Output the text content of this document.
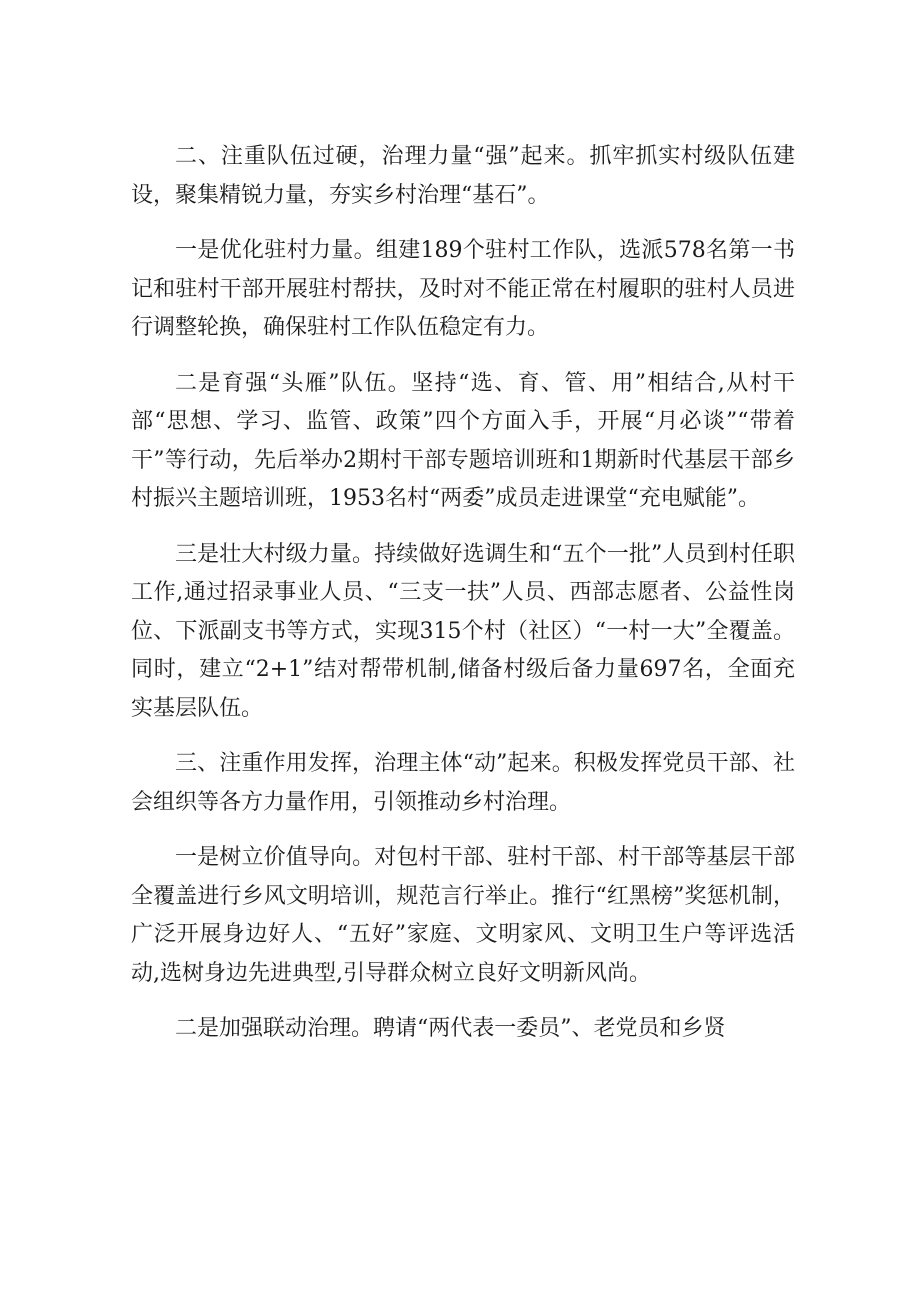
二、注重队伍过硬，治理力量“强”起来。抓牢抓实村级队伍建设，聚集精锐力量，夯实乡村治理“基石”。

一是优化驻村力量。组建189个驻村工作队，选派578名第一书记和驻村干部开展驻村帮扶，及时对不能正常在村履职的驻村人员进行调整轮换，确保驻村工作队伍稳定有力。

二是育强“头雁”队伍。坚持“选、育、管、用”相结合,从村干部“思想、学习、监管、政策”四个方面入手，开展“月必谈”“带着干”等行动，先后举办2期村干部专题培训班和1期新时代基层干部乡村振兴主题培训班，1953名村“两委”成员走进课堂“充电赋能”。

三是壮大村级力量。持续做好选调生和“五个一批”人员到村任职工作,通过招录事业人员、“三支一扶”人员、西部志愿者、公益性岗位、下派副支书等方式，实现315个村（社区）“一村一大”全覆盖。同时，建立“2+1”结对帮带机制,储备村级后备力量697名，全面充实基层队伍。

三、注重作用发挥，治理主体“动”起来。积极发挥党员干部、社会组织等各方力量作用，引领推动乡村治理。

一是树立价值导向。对包村干部、驻村干部、村干部等基层干部全覆盖进行乡风文明培训，规范言行举止。推行“红黑榜”奖惩机制，广泛开展身边好人、“五好”家庭、文明家风、文明卫生户等评选活动,选树身边先进典型,引导群众树立良好文明新风尚。

二是加强联动治理。聘请“两代表一委员”、老党员和乡贤
